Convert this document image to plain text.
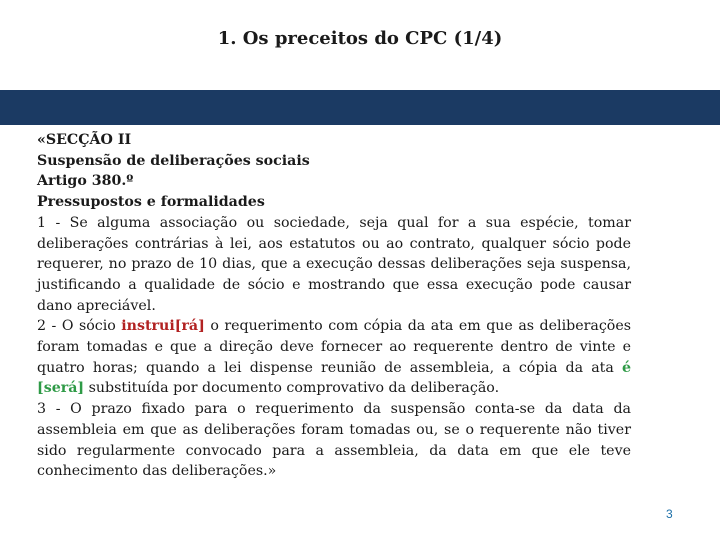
1. Os preceitos do CPC (1/4)

«SECÇÃO II

Suspensão de deliberações sociais

Artigo 380.º

Pressupostos e formalidades

1 - Se alguma associação ou sociedade, seja qual for a sua espécie, tomar deliberações contrárias à lei, aos estatutos ou ao contrato, qualquer sócio pode requerer, no prazo de 10 dias, que a execução dessas deliberações seja suspensa, justificando a qualidade de sócio e mostrando que essa execução pode causar dano apreciável.

2 - O sócio instrui[rá] o requerimento com cópia da ata em que as deliberações foram tomadas e que a direção deve fornecer ao requerente dentro de vinte e quatro horas; quando a lei dispense reunião de assembleia, a cópia da ata é [será] substituída por documento comprovativo da deliberação.

3 - O prazo fixado para o requerimento da suspensão conta-se da data da assembleia em que as deliberações foram tomadas ou, se o requerente não tiver sido regularmente convocado para a assembleia, da data em que ele teve conhecimento das deliberações.»

3
